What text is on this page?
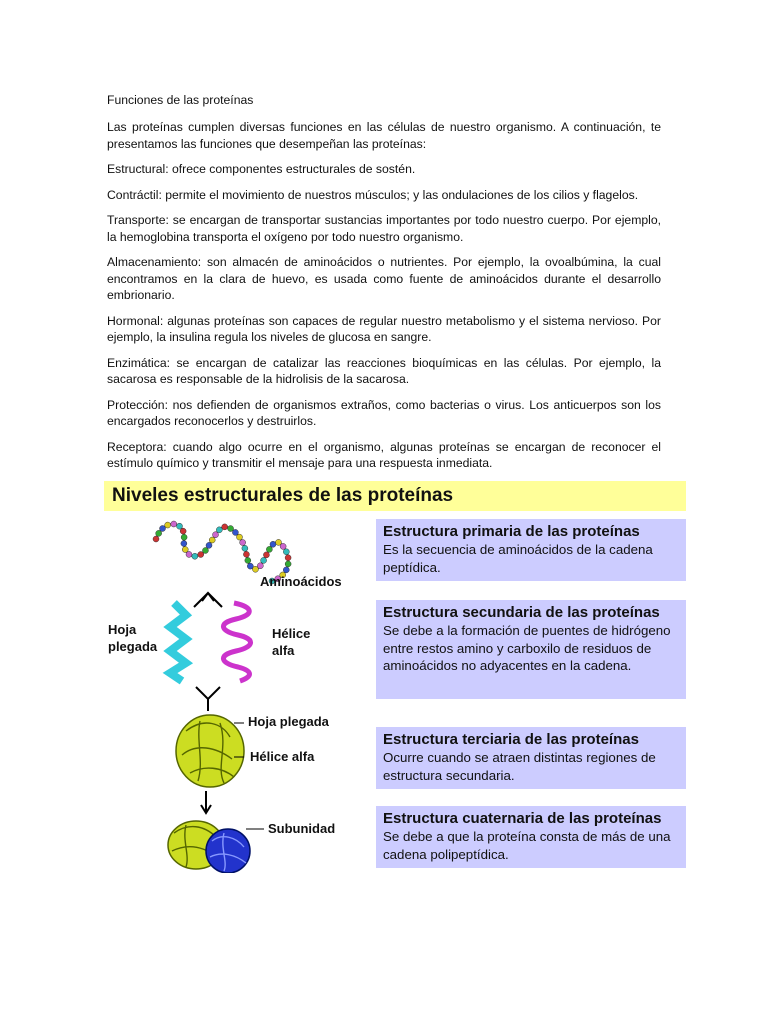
Funciones de las proteínas

Las proteínas cumplen diversas funciones en las células de nuestro organismo. A continuación, te presentamos las funciones que desempeñan las proteínas:

Estructural: ofrece componentes estructurales de sostén.

Contráctil: permite el movimiento de nuestros músculos; y las ondulaciones de los cilios y flagelos.

Transporte: se encargan de transportar sustancias importantes por todo nuestro cuerpo. Por ejemplo, la hemoglobina transporta el oxígeno por todo nuestro organismo.

Almacenamiento: son almacén de aminoácidos o nutrientes. Por ejemplo, la ovoalbúmina, la cual encontramos en la clara de huevo, es usada como fuente de aminoácidos durante el desarrollo embrionario.

Hormonal: algunas proteínas son capaces de regular nuestro metabolismo y el sistema nervioso. Por ejemplo, la insulina regula los niveles de glucosa en sangre.

Enzimática: se encargan de catalizar las reacciones bioquímicas en las células. Por ejemplo, la sacarosa es responsable de la hidrolisis de la sacarosa.

Protección: nos defienden de organismos extraños, como bacterias o virus. Los anticuerpos son los encargados reconocerlos y destruirlos.

Receptora: cuando algo ocurre en el organismo, algunas proteínas se encargan de reconocer el estímulo químico y transmitir el mensaje para una respuesta inmediata.

Niveles estructurales de las proteínas
Aminoácidos
Hoja
plegada
Hélice
alfa
Hoja plegada
Hélice alfa
Subunidad
Estructura primaria de las proteínas
Es la secuencia de aminoácidos de la cadena peptídica.
Estructura secundaria de las proteínas
Se debe a la formación de puentes de hidrógeno entre restos amino y carboxilo de residuos de aminoácidos no adyacentes en la cadena.
Estructura terciaria de las proteínas
Ocurre cuando se atraen distintas regiones de estructura secundaria.
Estructura cuaternaria de las proteínas
Se debe a que la proteína consta de más de una cadena polipeptídica.
